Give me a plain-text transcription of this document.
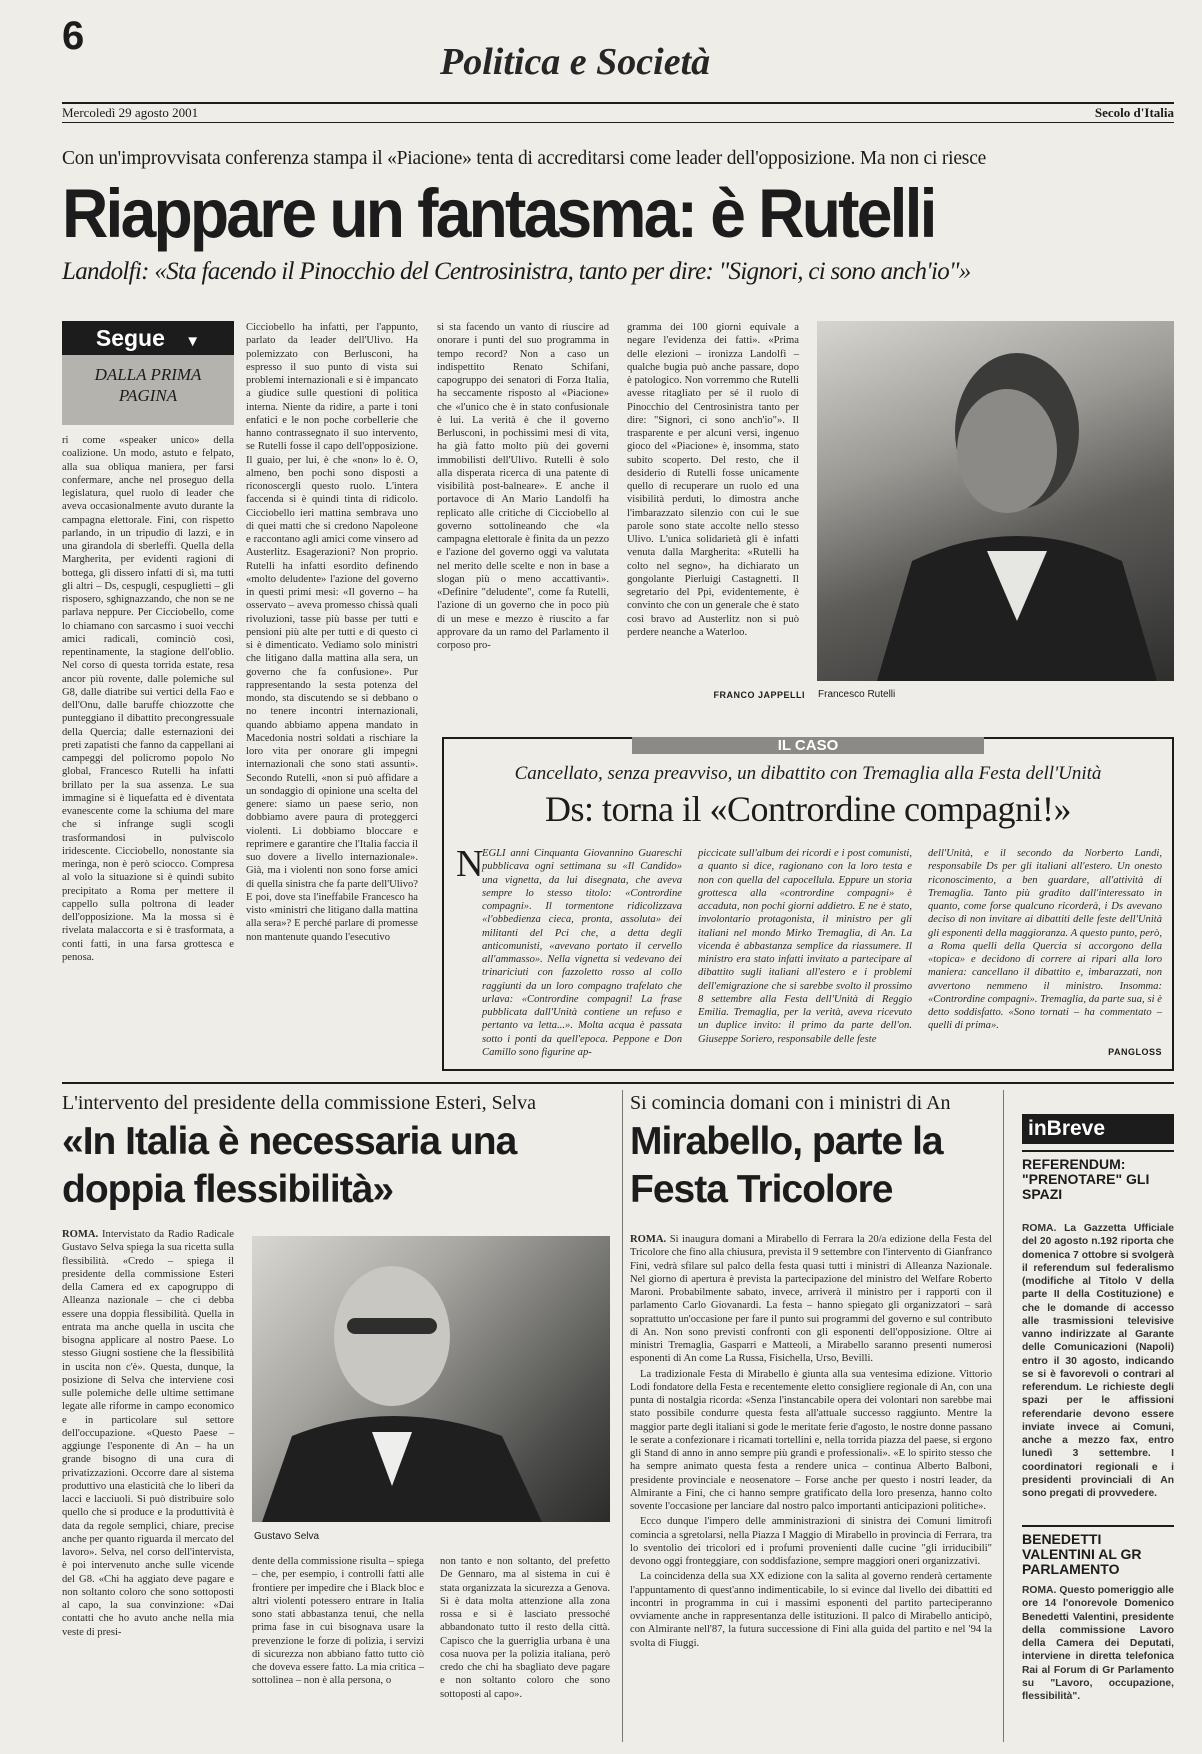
6
Politica e Società
Mercoledì 29 agosto 2001	Secolo d'Italia
Con un'improvvisata conferenza stampa il «Piacione» tenta di accreditarsi come leader dell'opposizione. Ma non ci riesce
Riappare un fantasma: è Rutelli
Landolfi: «Sta facendo il Pinocchio del Centrosinistra, tanto per dire: "Signori, ci sono anch'io"»
Segue ▼
DALLA PRIMA PAGINA
ri come «speaker unico» della coalizione. Un modo, astuto e felpato, alla sua obliqua maniera, per farsi confermare, anche nel proseguo della legislatura, quel ruolo di leader che aveva occasionalmente avuto durante la campagna elettorale. Fini, con rispetto parlando, in un tripudio di lazzi, e in una girandola di sberleffi. Quella della Margherita, per evidenti ragioni di bottega, gli dissero infatti di sì, ma tutti gli altri – Ds, cespugli, cespuglietti – gli risposero, sghignazzando, che non se ne parlava neppure. Per Cicciobello, come lo chiamano con sarcasmo i suoi vecchi amici radicali, cominciò così, repentinamente, la stagione dell'oblio. Nel corso di questa torrida estate, resa ancor più rovente, dalle polemiche sul G8, dalle diatribe sui vertici della Fao e dell'Onu, dalle baruffe chiozzotte che punteggiano il dibattito precongressuale della Quercia; dalle esternazioni dei preti zapatisti che fanno da cappellani ai campeggi del policromo popolo No global, Francesco Rutelli ha infatti brillato per la sua assenza. Le sua immagine si è liquefatta ed è diventata evanescente come la schiuma del mare che si infrange sugli scogli trasformandosi in pulviscolo iridescente. Cicciobello, nonostante sia meringa, non è però sciocco. Compresa al volo la situazione si è quindi subito precipitato a Roma per mettere il cappello sulla poltrona di leader dell'opposizione. Ma la mossa si è rivelata malaccorta e si è trasformata, a conti fatti, in una farsa grottesca e penosa.
Cicciobello ha infatti, per l'appunto, parlato da leader dell'Ulivo. Ha polemizzato con Berlusconi, ha espresso il suo punto di vista sui problemi internazionali e si è impancato a giudice sulle questioni di politica interna. Niente da ridire, a parte i toni enfatici e le non poche corbellerie che hanno contrassegnato il suo intervento, se Rutelli fosse il capo dell'opposizione. Il guaio, per lui, è che «non» lo è. O, almeno, ben pochi sono disposti a riconoscergli questo ruolo. L'intera faccenda si è quindi tinta di ridicolo. Cicciobello ieri mattina sembrava uno di quei matti che si credono Napoleone e raccontano agli amici come vinsero ad Austerlitz. Esagerazioni? Non proprio. Rutelli ha infatti esordito definendo «molto deludente» l'azione del governo in questi primi mesi: «Il governo – ha osservato – aveva promesso chissà quali rivoluzioni, tasse più basse per tutti e pensioni più alte per tutti e di questo ci si è dimenticato. Vediamo solo ministri che litigano dalla mattina alla sera, un governo che fa confusione». Pur rappresentando la sesta potenza del mondo, sta discutendo se si debbano o no tenere incontri internazionali, quando abbiamo appena mandato in Macedonia nostri soldati a rischiare la loro vita per onorare gli impegni internazionali che sono stati assunti». Secondo Rutelli, «non si può affidare a un sondaggio di opinione una scelta del genere: siamo un paese serio, non dobbiamo avere paura di proteggerci violenti. Li dobbiamo bloccare e reprimere e garantire che l'Italia faccia il suo dovere a livello internazionale». Già, ma i violenti non sono forse amici di quella sinistra che fa parte dell'Ulivo? E poi, dove sta l'ineffabile Francesco ha visto «ministri che litigano dalla mattina alla sera»? E perché parlare di promesse non mantenute quando l'esecutivo
si sta facendo un vanto di riuscire ad onorare i punti del suo programma in tempo record? Non a caso un indispettito Renato Schifani, capogruppo dei senatori di Forza Italia, ha seccamente risposto al «Piacione» che «l'unico che è in stato confusionale è lui. La verità è che il governo Berlusconi, in pochissimi mesi di vita, ha già fatto molto più dei governi immobilisti dell'Ulivo. Rutelli è solo alla disperata ricerca di una patente di visibilità post-balneare». E anche il portavoce di An Mario Landolfi ha replicato alle critiche di Cicciobello al governo sottolineando che «la campagna elettorale è finita da un pezzo e l'azione del governo oggi va valutata nel merito delle scelte e non in base a slogan più o meno accattivanti». «Definire "deludente", come fa Rutelli, l'azione di un governo che in poco più di un mese e mezzo è riuscito a far approvare da un ramo del Parlamento il corposo pro-
gramma dei 100 giorni equivale a negare l'evidenza dei fatti». «Prima delle elezioni – ironizza Landolfi – qualche bugia può anche passare, dopo è patologico. Non vorremmo che Rutelli avesse ritagliato per sé il ruolo di Pinocchio del Centrosinistra tanto per dire: "Signori, ci sono anch'io"». Il trasparente e per alcuni versi, ingenuo gioco del «Piacione» è, insomma, stato subito scoperto. Del resto, che il desiderio di Rutelli fosse unicamente quello di recuperare un ruolo ed una visibilità perduti, lo dimostra anche l'imbarazzato silenzio con cui le sue parole sono state accolte nello stesso Ulivo. L'unica solidarietà gli è infatti venuta dalla Margherita: «Rutelli ha colto nel segno», ha dichiarato un gongolante Pierluigi Castagnetti. Il segretario del Ppi, evidentemente, è convinto che con un generale che è stato così bravo ad Austerlitz non si può perdere neanche a Waterloo.
FRANCO JAPPELLI Francesco Rutelli
IL CASO
Cancellato, senza preavviso, un dibattito con Tremaglia alla Festa dell'Unità
Ds: torna il «Contrordine compagni!»
N
EGLI anni Cinquanta Giovannino Guareschi pubblicava ogni settimana su «Il Candido» una vignetta, da lui disegnata, che aveva sempre lo stesso titolo: «Contrordine compagni». Il tormentone ridicolizzava «l'obbedienza cieca, pronta, assoluta» dei militanti del Pci che, a detta degli anticomunisti, «avevano portato il cervello all'ammasso». Nella vignetta si vedevano dei trinariciuti con fazzoletto rosso al collo raggiunti da un loro compagno trafelato che urlava: «Contrordine compagni! La frase pubblicata dall'Unità contiene un refuso e pertanto va letta...». Molta acqua è passata sotto i ponti da quell'epoca. Peppone e Don Camillo sono figurine ap-
piccicate sull'album dei ricordi e i post comunisti, a quanto si dice, ragionano con la loro testa e non con quella del capocellula. Eppure un storia grottesca alla «contrordine compagni» è accaduta, non pochi giorni addietro. E ne è stato, involontario protagonista, il ministro per gli italiani nel mondo Mirko Tremaglia, di An. La vicenda è abbastanza semplice da riassumere. Il ministro era stato infatti invitato a partecipare al dibattito sugli italiani all'estero e i problemi dell'emigrazione che si sarebbe svolto il prossimo 8 settembre alla Festa dell'Unità di Reggio Emilia. Tremaglia, per la verità, aveva ricevuto un duplice invito: il primo da parte dell'on. Giuseppe Soriero, responsabile delle feste
dell'Unità, e il secondo da Norberto Landi, responsabile Ds per gli italiani all'estero. Un onesto riconoscimento, a ben guardare, all'attività di Tremaglia. Tanto più gradito dall'interessato in quanto, come forse qualcuno ricorderà, i Ds avevano deciso di non invitare ai dibattiti delle feste dell'Unità gli esponenti della maggioranza. A questo punto, però, a Roma quelli della Quercia si accorgono della «topica» e decidono di correre ai ripari alla loro maniera: cancellano il dibattito e, imbarazzati, non avvertono nemmeno il ministro. Insomma: «Contrordine compagni». Tremaglia, da parte sua, si è detto soddisfatto. «Sono tornati – ha commentato – quelli di prima».
PANGLOSS
L'intervento del presidente della commissione Esteri, Selva
«In Italia è necessaria una doppia flessibilità»
ROMA. Intervistato da Radio Radicale Gustavo Selva spiega la sua ricetta sulla flessibilità. «Credo – spiega il presidente della commissione Esteri della Camera ed ex capogruppo di Alleanza nazionale – che ci debba essere una doppia flessibilità. Quella in entrata ma anche quella in uscita che bisogna applicare al nostro Paese. Lo stesso Giugni sostiene che la flessibilità in uscita non c'è». Questa, dunque, la posizione di Selva che interviene così sulle polemiche delle ultime settimane legate alle riforme in campo economico e in particolare sul settore dell'occupazione. «Questo Paese – aggiunge l'esponente di An – ha un grande bisogno di una cura di privatizzazioni. Occorre dare al sistema produttivo una elasticità che lo liberi da lacci e lacciuoli. Si può distribuire solo quello che si produce e la produttività è data da regole semplici, chiare, precise anche per quanto riguarda il mercato del lavoro». Selva, nel corso dell'intervista, è poi intervenuto anche sulle vicende del G8. «Chi ha aggiato deve pagare e non soltanto coloro che sono sottoposti al capo, la sua convinzione: «Dai contatti che ho avuto anche nella mia veste di presi-
Gustavo Selva
dente della commissione risulta – spiega – che, per esempio, i controlli fatti alle frontiere per impedire che i Black bloc e altri violenti potessero entrare in Italia sono stati abbastanza tenui, che nella prima fase in cui bisognava usare la prevenzione le forze di polizia, i servizi di sicurezza non abbiano fatto tutto ciò che doveva essere fatto. La mia critica – sottolinea – non è alla persona, o
non tanto e non soltanto, del prefetto De Gennaro, ma al sistema in cui è stata organizzata la sicurezza a Genova. Si è data molta attenzione alla zona rossa e si è lasciato pressoché abbandonato tutto il resto della città. Capisco che la guerriglia urbana è una cosa nuova per la polizia italiana, però credo che chi ha sbagliato deve pagare e non soltanto coloro che sono sottoposti al capo».
Si comincia domani con i ministri di An
Mirabello, parte la Festa Tricolore

ROMA. Si inaugura domani a Mirabello di Ferrara la 20/a edizione della Festa del Tricolore che fino alla chiusura, prevista il 9 settembre con l'intervento di Gianfranco Fini, vedrà sfilare sul palco della festa quasi tutti i ministri di Alleanza Nazionale. Nel giorno di apertura è prevista la partecipazione del ministro del Welfare Roberto Maroni. Probabilmente sabato, invece, arriverà il ministro per i rapporti con il parlamento Carlo Giovanardi. La festa – hanno spiegato gli organizzatori – sarà soprattutto un'occasione per fare il punto sui programmi del governo e sul contributo di An. Non sono previsti confronti con gli esponenti dell'opposizione. Oltre ai ministri Tremaglia, Gasparri e Matteoli, a Mirabello saranno presenti numerosi esponenti di An come La Russa, Fisichella, Urso, Bevilli.

La tradizionale Festa di Mirabello è giunta alla sua ventesima edizione. Vittorio Lodi fondatore della Festa e recentemente eletto consigliere regionale di An, con una punta di nostalgia ricorda: «Senza l'instancabile opera dei volontari non sarebbe mai stato possibile condurre questa festa all'attuale successo raggiunto. Mentre la maggior parte degli italiani si gode le meritate ferie d'agosto, le nostre donne passano le serate a confezionare i ricamati tortellini e, nella torrida piazza del paese, si ergono gli Stand di anno in anno sempre più grandi e professionali». «E lo spirito stesso che ha sempre animato questa festa a rendere unica – continua Alberto Balboni, presidente provinciale e neosenatore – Forse anche per questo i nostri leader, da Almirante a Fini, che ci hanno sempre gratificato della loro presenza, hanno colto sovente l'occasione per lanciare dal nostro palco importanti anticipazioni politiche».

Ecco dunque l'impero delle amministrazioni di sinistra dei Comuni limitrofi comincia a sgretolarsi, nella Piazza I Maggio di Mirabello in provincia di Ferrara, tra lo sventolio dei tricolori ed i profumi provenienti dalle cucine "gli irriducibili" devono oggi fronteggiare, con soddisfazione, sempre maggiori oneri organizzativi.

La coincidenza della sua XX edizione con la salita al governo renderà certamente l'appuntamento di quest'anno indimenticabile, lo si evince dal livello dei dibattiti ed incontri in programma in cui i massimi esponenti del partito parteciperanno ovviamente anche in rappresentanza delle istituzioni. Il palco di Mirabello anticipò, con Almirante nell'87, la futura successione di Fini alla guida del partito e nel '94 la svolta di Fiuggi.

inBreve
REFERENDUM: "PRENOTARE" GLI SPAZI
ROMA. La Gazzetta Ufficiale del 20 agosto n.192 riporta che domenica 7 ottobre si svolgerà il referendum sul federalismo (modifiche al Titolo V della parte II della Costituzione) e che le domande di accesso alle trasmissioni televisive vanno indirizzate al Garante delle Comunicazioni (Napoli) entro il 30 agosto, indicando se si è favorevoli o contrari al referendum. Le richieste degli spazi per le affissioni referendarie devono essere inviate invece ai Comuni, anche a mezzo fax, entro lunedì 3 settembre. I coordinatori regionali e i presidenti provinciali di An sono pregati di provvedere.
BENEDETTI VALENTINI AL GR PARLAMENTO
ROMA. Questo pomeriggio alle ore 14 l'onorevole Domenico Benedetti Valentini, presidente della commissione Lavoro della Camera dei Deputati, interviene in diretta telefonica Rai al Forum di Gr Parlamento su "Lavoro, occupazione, flessibilità".
